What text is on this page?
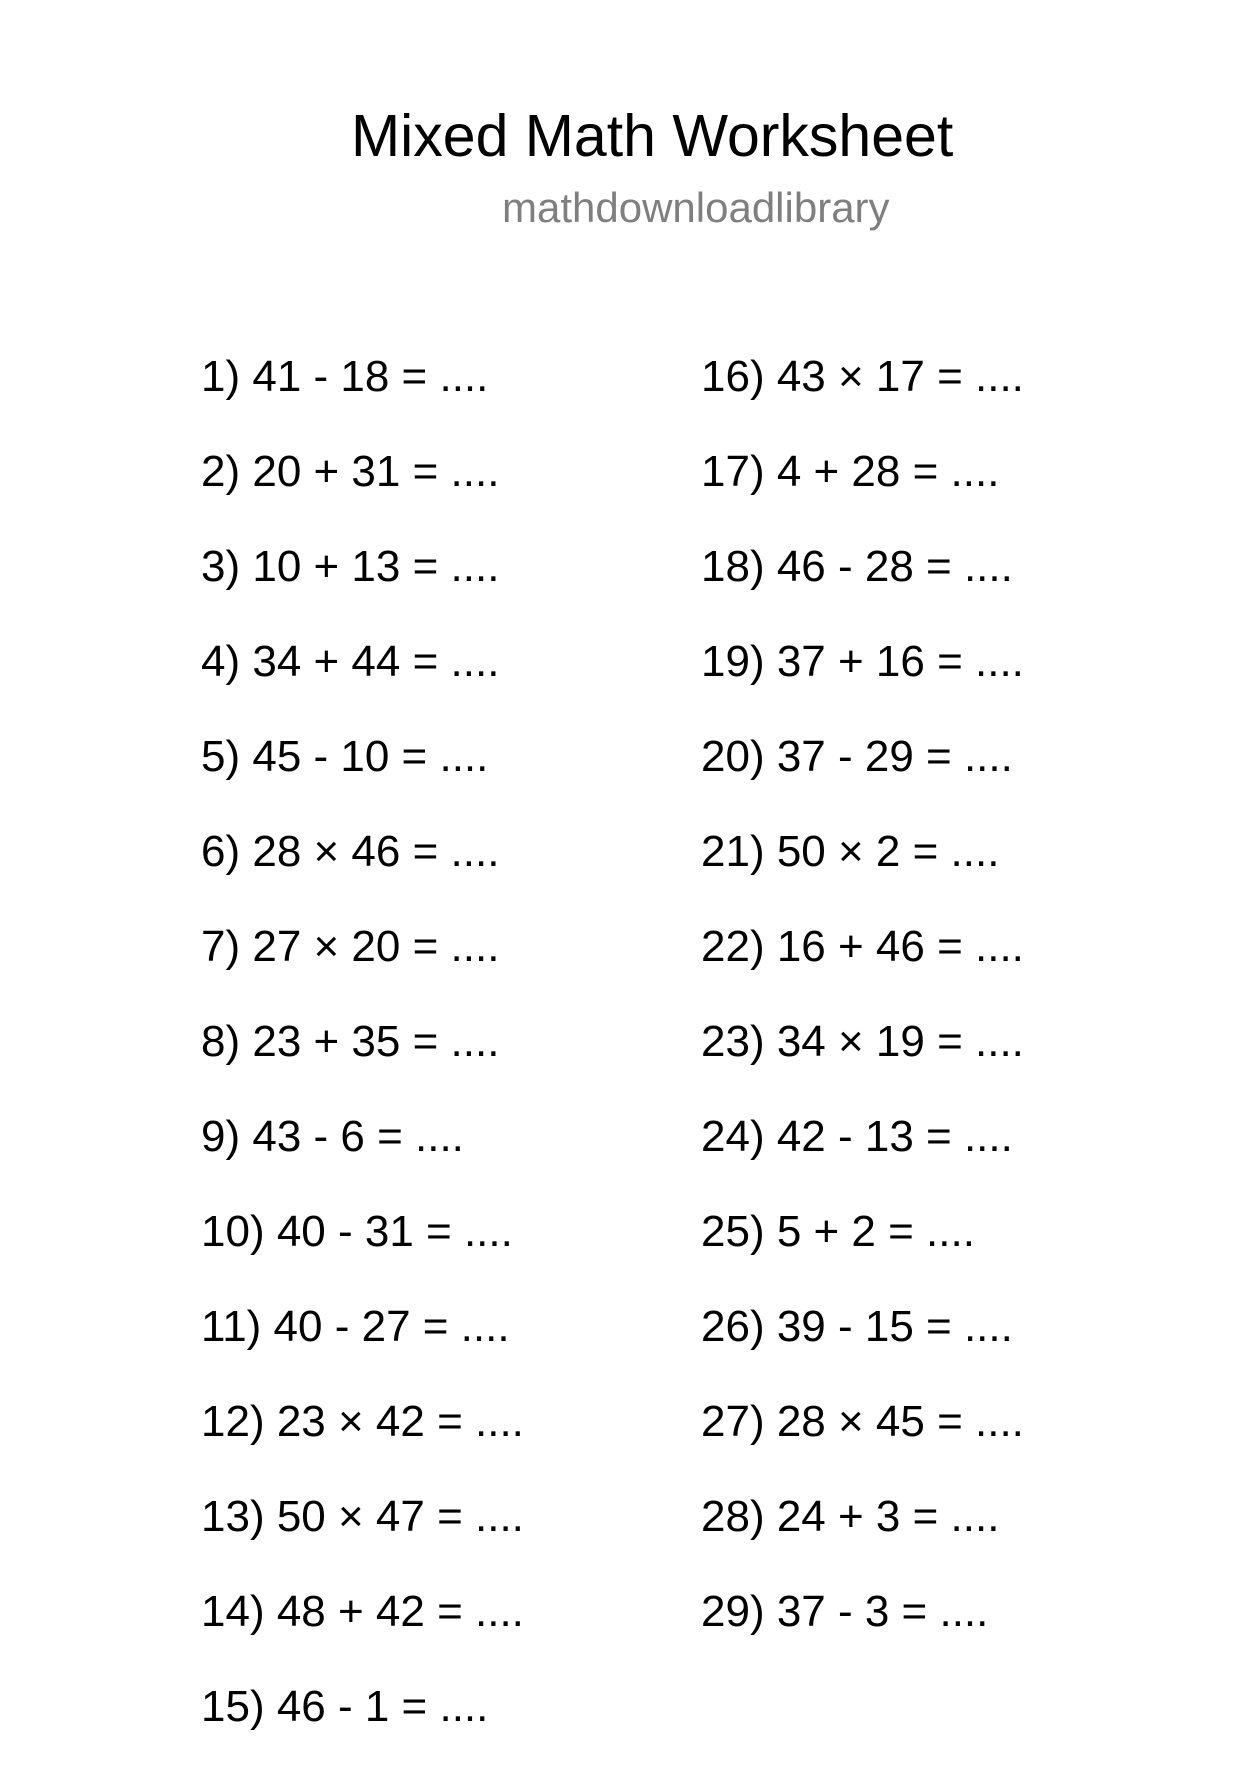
Mixed Math Worksheet
mathdownloadlibrary
1) 41 - 18 = ....
2) 20 + 31 = ....
3) 10 + 13 = ....
4) 34 + 44 = ....
5) 45 - 10 = ....
6) 28 × 46 = ....
7) 27 × 20 = ....
8) 23 + 35 = ....
9) 43 - 6 = ....
10) 40 - 31 = ....
11) 40 - 27 = ....
12) 23 × 42 = ....
13) 50 × 47 = ....
14) 48 + 42 = ....
15) 46 - 1 = ....
16) 43 × 17 = ....
17) 4 + 28 = ....
18) 46 - 28 = ....
19) 37 + 16 = ....
20) 37 - 29 = ....
21) 50 × 2 = ....
22) 16 + 46 = ....
23) 34 × 19 = ....
24) 42 - 13 = ....
25) 5 + 2 = ....
26) 39 - 15 = ....
27) 28 × 45 = ....
28) 24 + 3 = ....
29) 37 - 3 = ....
